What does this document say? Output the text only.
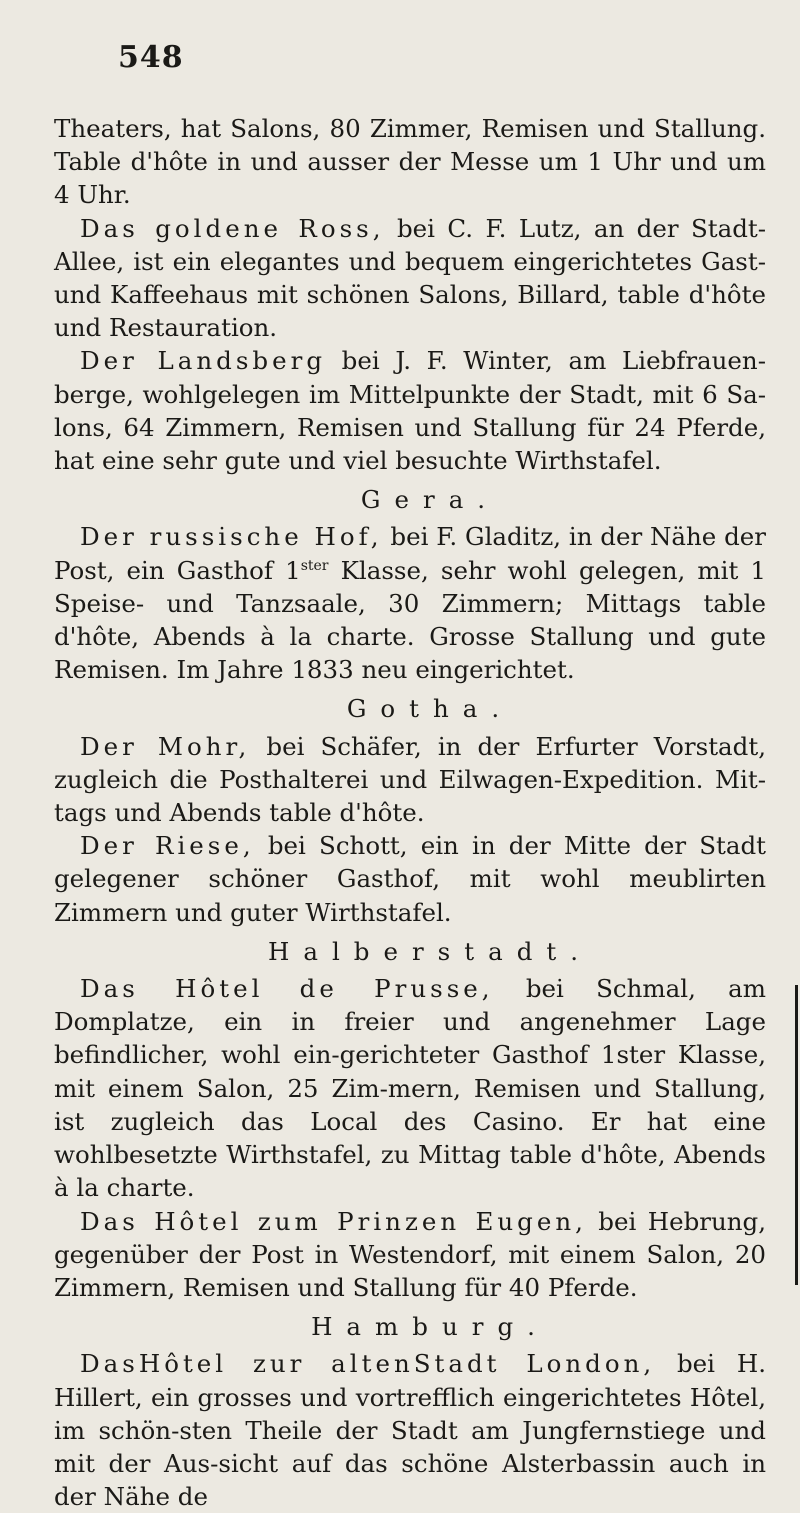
548

Theaters, hat Salons, 80 Zimmer, Remisen und Stallung. Table d'hôte in und ausser der Messe um 1 Uhr und um 4 Uhr.

Das goldene Ross, bei C. F. Lutz, an der Stadt-Allee, ist ein elegantes und bequem eingerichtetes Gast- und Kaffeehaus mit schönen Salons, Billard, table d'hôte und Restauration.

Der Landsberg bei J. F. Winter, am Liebfrauen-berge, wohlgelegen im Mittelpunkte der Stadt, mit 6 Sa-lons, 64 Zimmern, Remisen und Stallung für 24 Pferde, hat eine sehr gute und viel besuchte Wirthstafel.

Gera.

Der russische Hof, bei F. Gladitz, in der Nähe der Post, ein Gasthof $1^{ster}$ Klasse, sehr wohl gelegen, mit 1 Speise- und Tanzsaale, 30 Zimmern; Mittags table d'hôte, Abends à la charte. Grosse Stallung und gute Remisen. Im Jahre 1833 neu eingerichtet.

Gotha.

Der Mohr, bei Schäfer, in der Erfurter Vorstadt, zugleich die Posthalterei und Eilwagen-Expedition. Mit-tags und Abends table d'hôte.

Der Riese, bei Schott, ein in der Mitte der Stadt gelegener schöner Gasthof, mit wohl meublirten Zimmern und guter Wirthstafel.

Halberstadt.

Das Hôtel de Prusse, bei Schmal, am Domplatze, ein in freier und angenehmer Lage befindlicher, wohl ein-gerichteter Gasthof 1ster Klasse, mit einem Salon, 25 Zim-mern, Remisen und Stallung, ist zugleich das Local des Casino. Er hat eine wohlbesetzte Wirthstafel, zu Mittag table d'hôte, Abends à la charte.

Das Hôtel zum Prinzen Eugen, bei Hebrung, gegenüber der Post in Westendorf, mit einem Salon, 20 Zimmern, Remisen und Stallung für 40 Pferde.

Hamburg.

DasHôtel zur altenStadt London, bei H. Hillert, ein grosses und vortrefflich eingerichtetes Hôtel, im schön-sten Theile der Stadt am Jungfernstiege und mit der Aus-sicht auf das schöne Alsterbassin auch in der Nähe de
